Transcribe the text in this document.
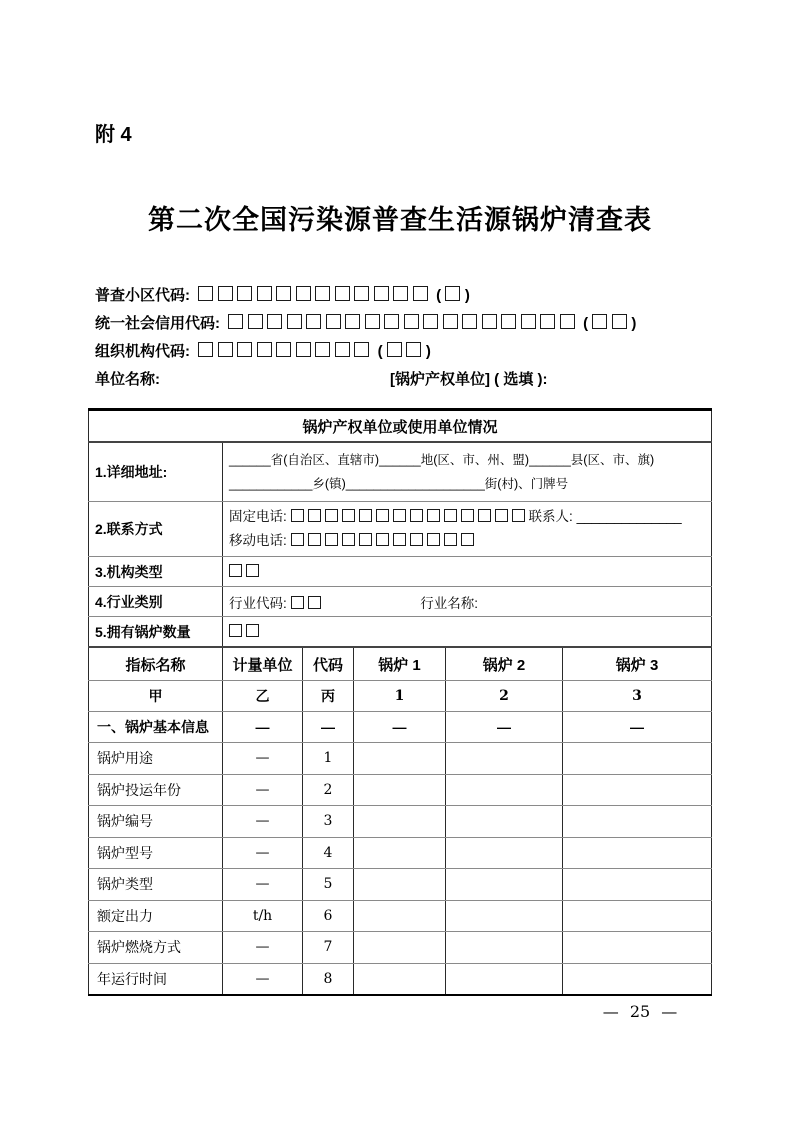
附 4
第二次全国污染源普查生活源锅炉清查表
普查小区代码:	( )
统一社会信用代码:	(	)
组织机构代码:	(	)
单位名称:	[锅炉产权单位] ( 选填 ):
锅炉产权单位或使用单位情况					
1.详细地址:	______省(自治区、直辖市)______地(区、市、州、盟)______县(区、市、旗)
____________乡(镇)____________________街(村)、门牌号				

2.联系方式	固定电话: 联系人: ______________
移动电话:				

3.机构类型					
4.行业类别	行业代码: 行业名称:				
5.拥有锅炉数量					
指标名称	计量单位	代码	锅炉 1	锅炉 2	锅炉 3
甲	乙	丙	1	2	3
一、锅炉基本信息	—	—	—	—	—
锅炉用途	—	1			
锅炉投运年份	—	2			
锅炉编号	—	3			
锅炉型号	—	4			
锅炉类型	—	5			
额定出力	t/h	6			
锅炉燃烧方式	—	7			
年运行时间	—	8			
— 25 —
